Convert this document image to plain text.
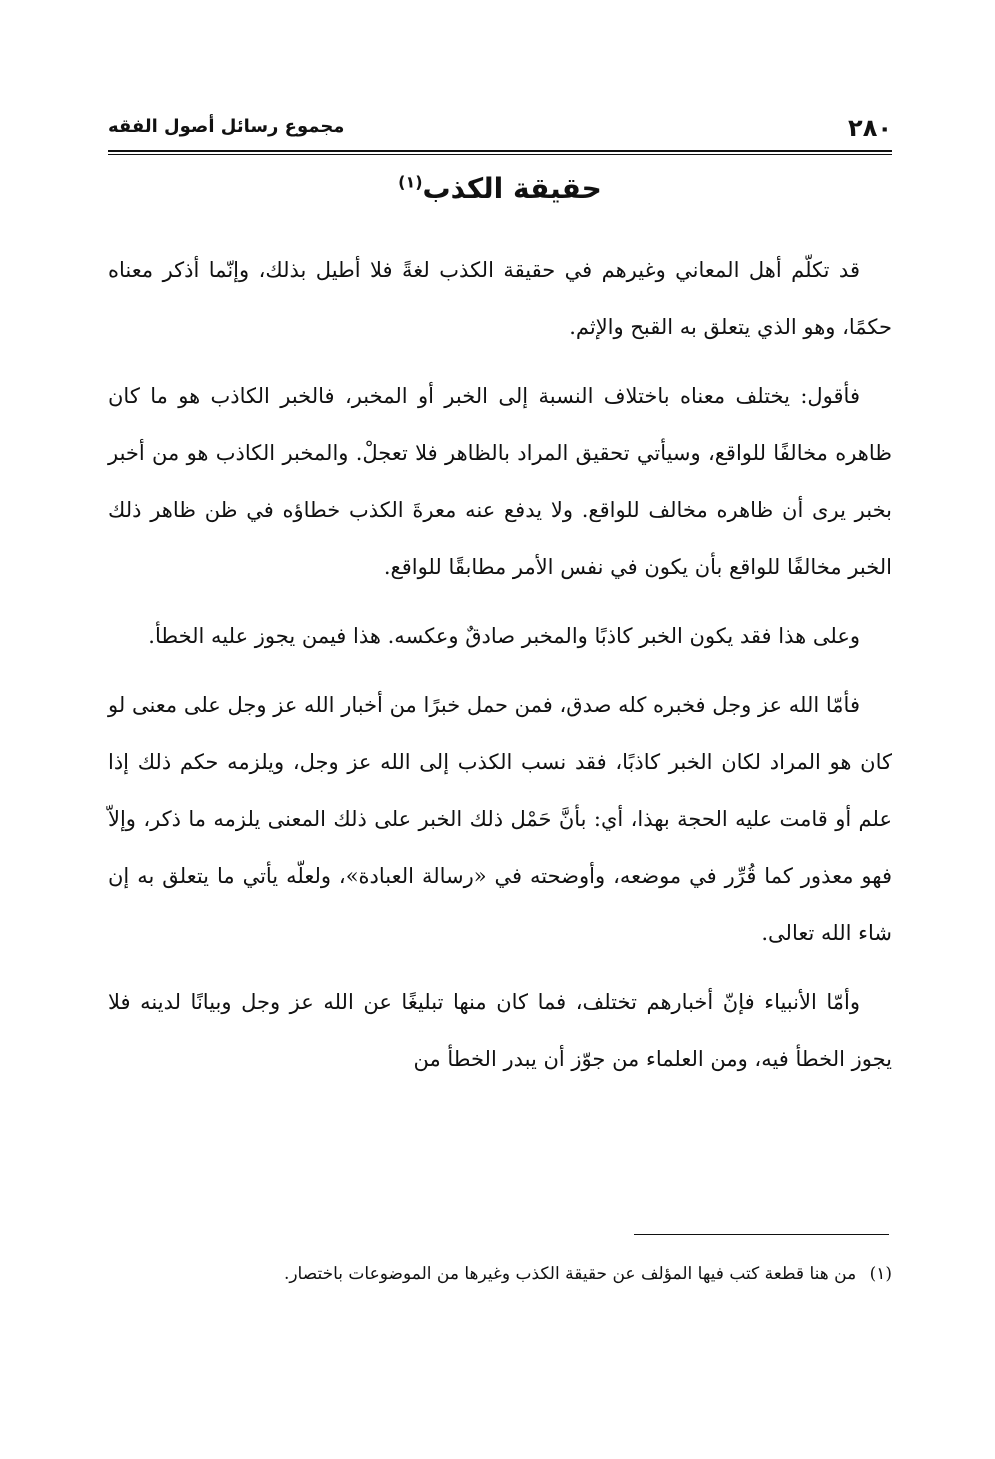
٢٨٠
مجموع رسائل أصول الفقه
حقيقة الكذب$^{(١)}$

قد تكلّم أهل المعاني وغيرهم في حقيقة الكذب لغةً فلا أطيل بذلك، وإنّما أذكر معناه حكمًا، وهو الذي يتعلق به القبح والإثم.

فأقول: يختلف معناه باختلاف النسبة إلى الخبر أو المخبر، فالخبر الكاذب هو ما كان ظاهره مخالفًا للواقع، وسيأتي تحقيق المراد بالظاهر فلا تعجلْ. والمخبر الكاذب هو من أخبر بخبر يرى أن ظاهره مخالف للواقع. ولا يدفع عنه معرةَ الكذب خطاؤه في ظن ظاهر ذلك الخبر مخالفًا للواقع بأن يكون في نفس الأمر مطابقًا للواقع.

وعلى هذا فقد يكون الخبر كاذبًا والمخبر صادقٌ وعكسه. هذا فيمن يجوز عليه الخطأ.

فأمّا الله عز وجل فخبره كله صدق، فمن حمل خبرًا من أخبار الله عز وجل على معنى لو كان هو المراد لكان الخبر كاذبًا، فقد نسب الكذب إلى الله عز وجل، ويلزمه حكم ذلك إذا علم أو قامت عليه الحجة بهذا، أي: بأنَّ حَمْل ذلك الخبر على ذلك المعنى يلزمه ما ذكر، وإلاّ فهو معذور كما قُرِّر في موضعه، وأوضحته في «رسالة العبادة»، ولعلّه يأتي ما يتعلق به إن شاء الله تعالى.

وأمّا الأنبياء فإنّ أخبارهم تختلف، فما كان منها تبليغًا عن الله عز وجل وبيانًا لدينه فلا يجوز الخطأ فيه، ومن العلماء من جوّز أن يبدر الخطأ من

(١) من هنا قطعة كتب فيها المؤلف عن حقيقة الكذب وغيرها من الموضوعات باختصار.
